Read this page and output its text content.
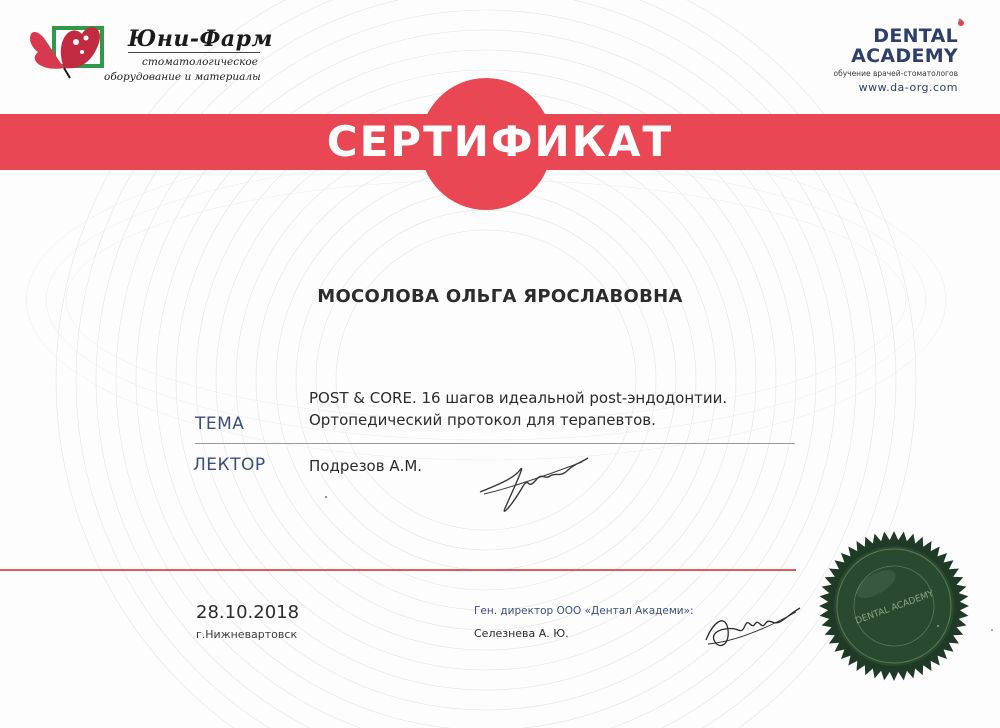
Юни-Фарм
стоматологическое
оборудование и материалы
DENTAL
ACADEMY
обучение врачей-стоматологов
www.da-org.com
СЕРТИФИКАТ
МОСОЛОВА ОЛЬГА ЯРОСЛАВОВНА
POST & CORE. 16 шагов идеальной post-эндодонтии.
Ортопедический протокол для терапевтов.
ТЕМА
ЛЕКТОР	Подрезов А.М.
28.10.2018
г.Нижневартовск
Ген. директор ООО «Дентал Академи»:
Селезнева А. Ю.
DENTAL ACADEMY
